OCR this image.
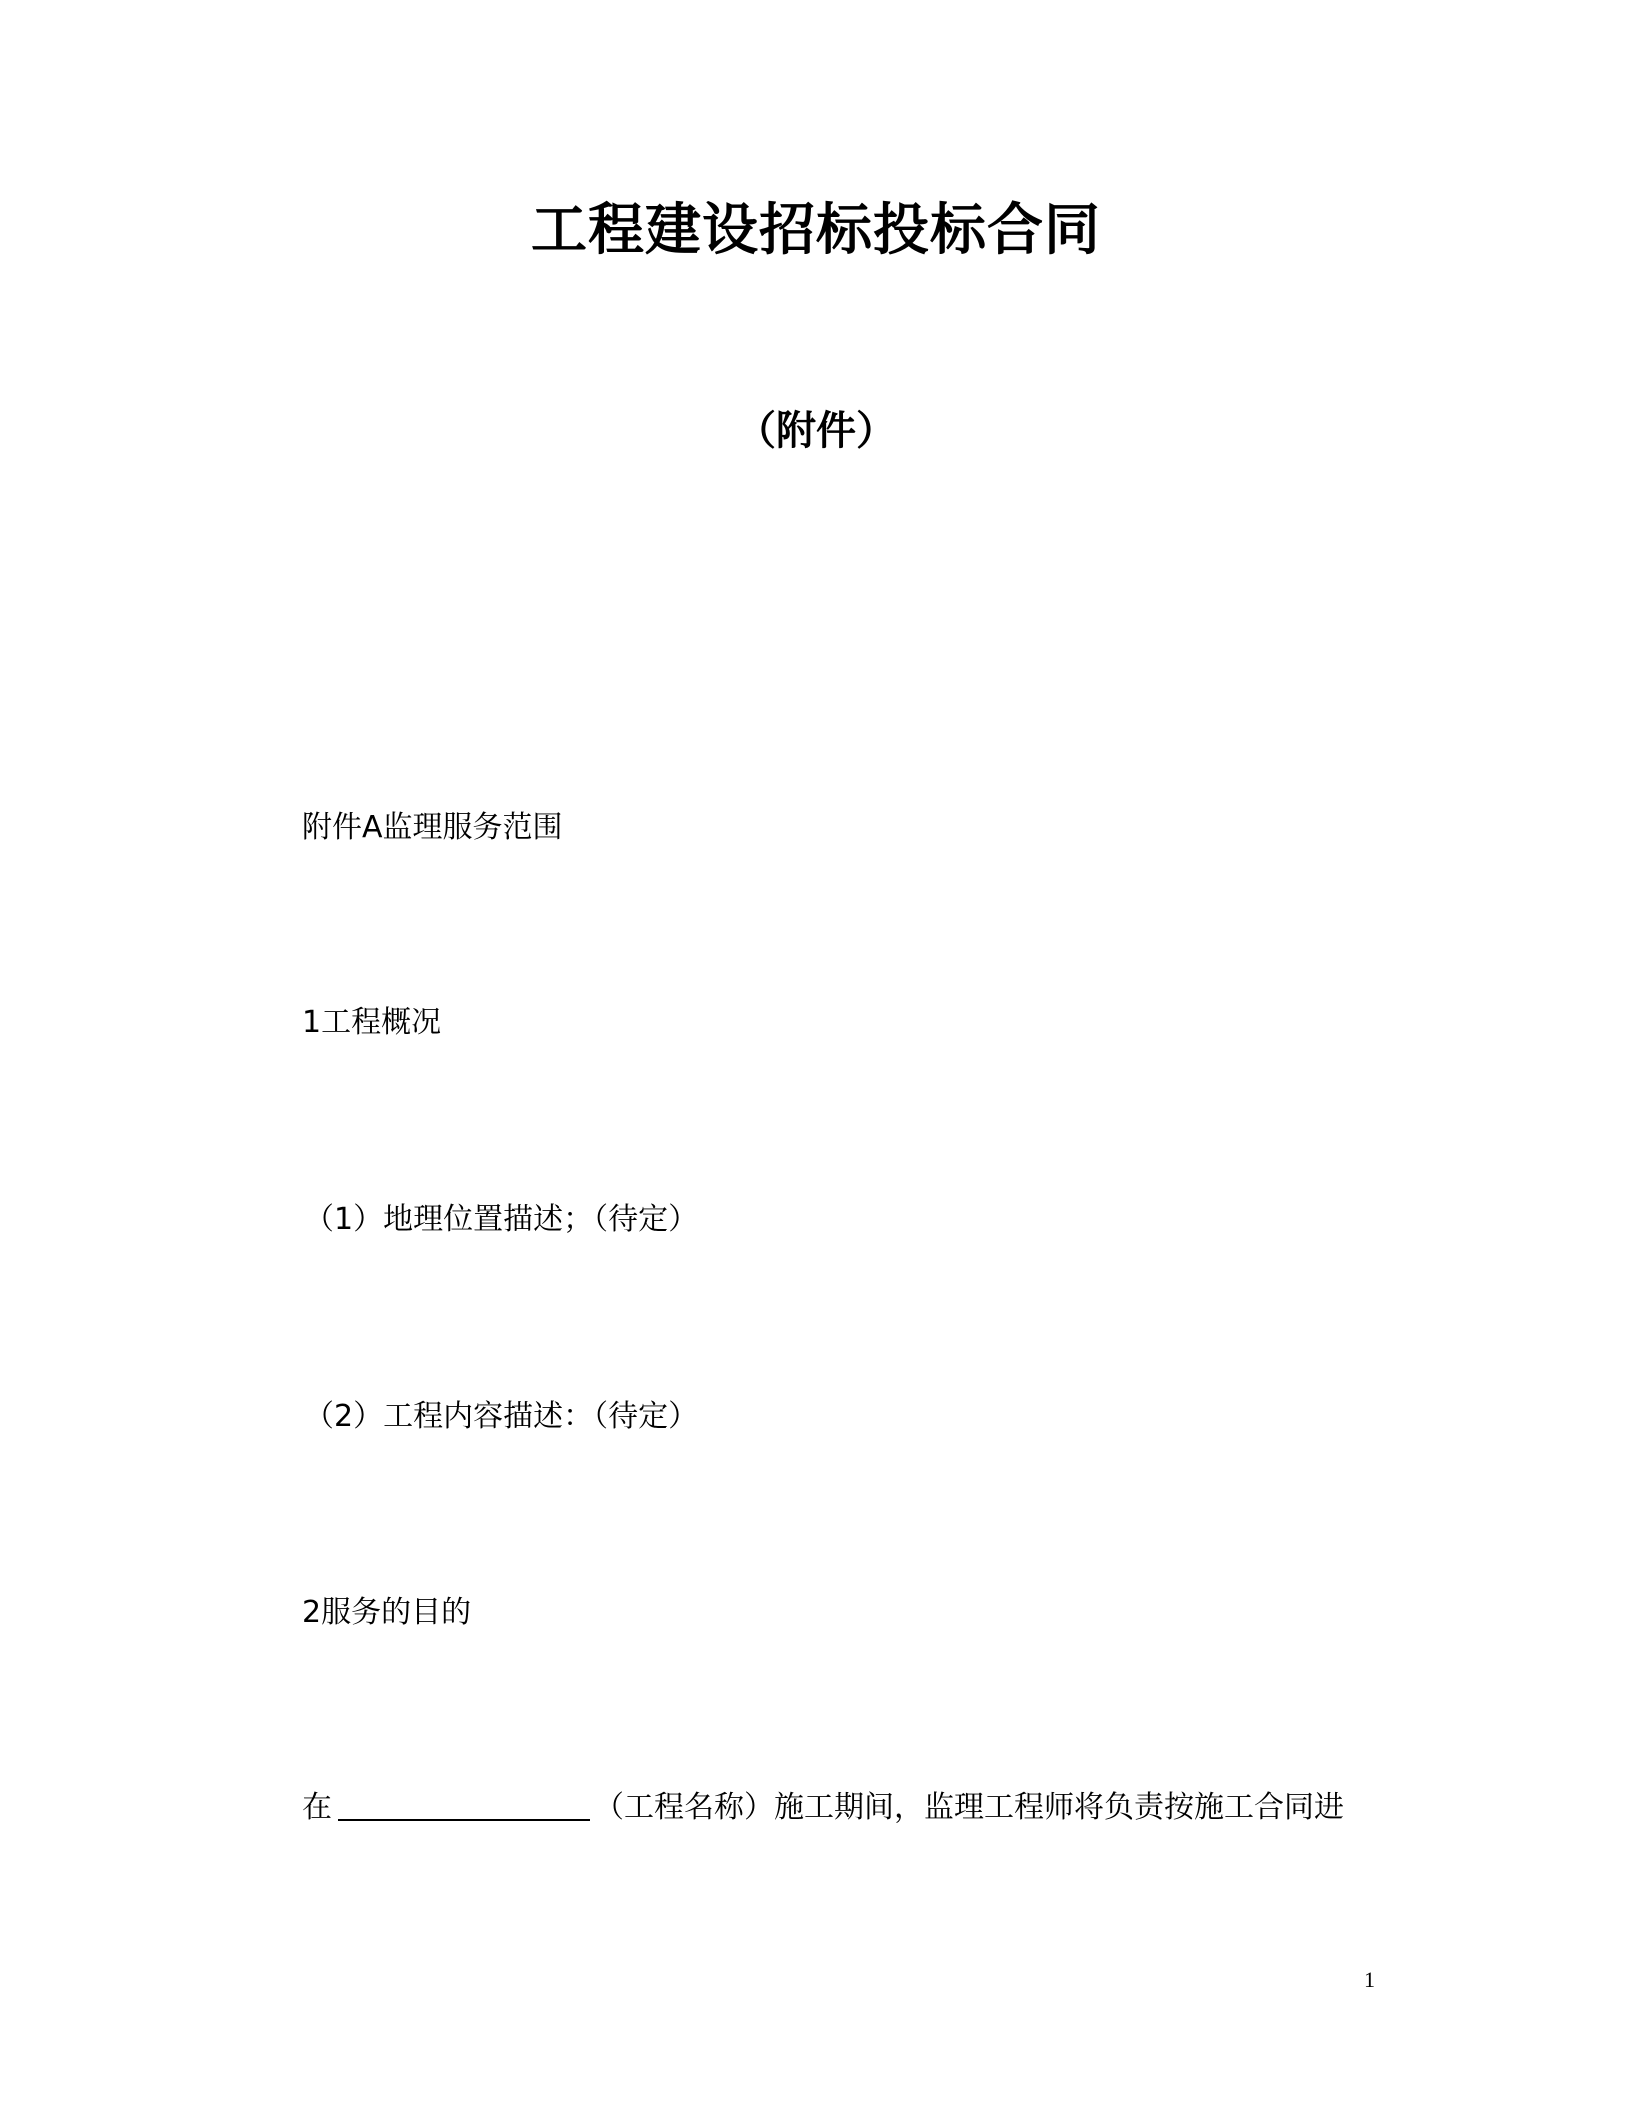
工程建设招标投标合同
（附件）
附件A监理服务范围
1工程概况
（1）地理位置描述；（待定）
（2）工程内容描述：（待定）
2服务的目的
在	（工程名称）施工期间，监理工程师将负责按施工合同进
1
